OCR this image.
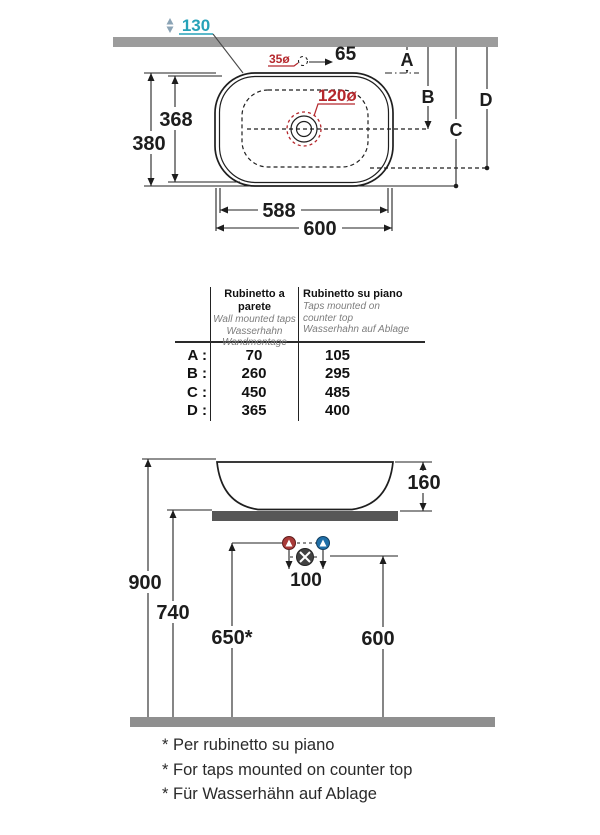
130
35ø 65
120ø
A
B
C
D
368
380
588
600
160
100
900
740
650*	600
Rubinetto a parete
Wall mounted taps
Wasserhahn
Wandmontage
Rubinetto su piano
Taps mounted on
counter top
Wasserhahn auf Ablage
A :	70	105
B :	260	295
C :	450	485
D :	365	400
* Per rubinetto su piano
* For taps mounted on counter top
* Für Wasserhähn auf Ablage
